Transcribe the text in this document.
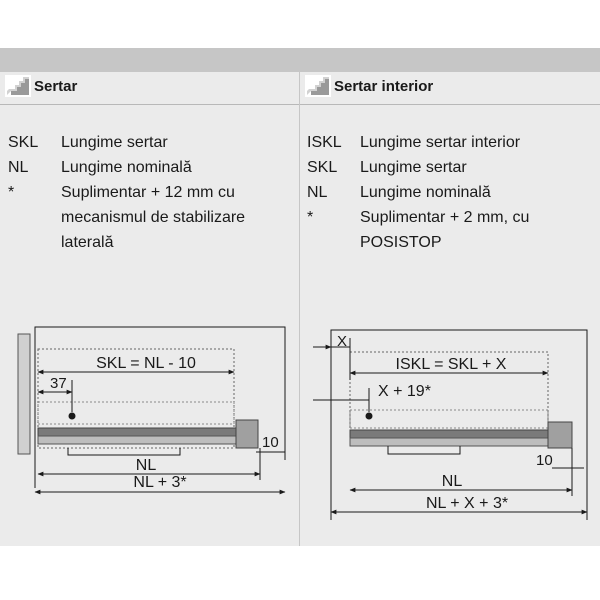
Sertar
SKL Lungime sertar
NL Lungime nominală
*	Suplimentar + 12 mm cu
mecanismul de stabilizare
laterală
Sertar interior
ISKL Lungime sertar interior
SKL Lungime sertar
NL Lungime nominală
*	Suplimentar + 2 mm, cu
POSISTOP
SKL = NL - 10
37
10
NL
NL + 3*
X
ISKL = SKL + X
X + 19*
10
NL
NL + X + 3*
